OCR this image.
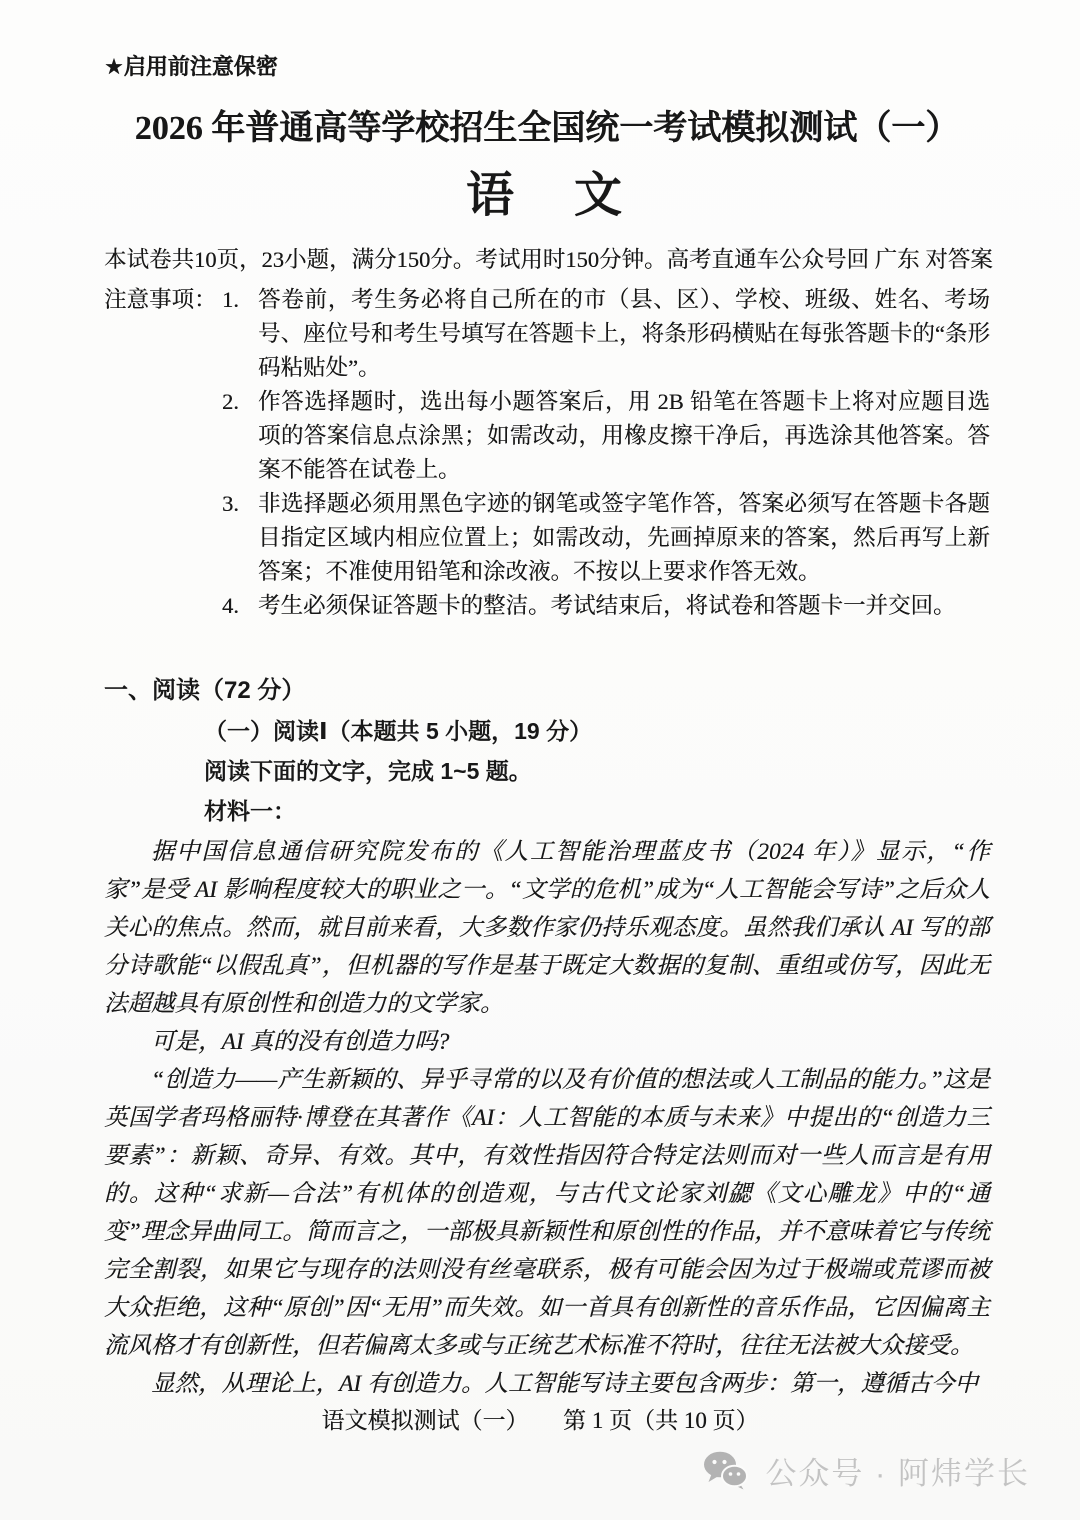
★启用前注意保密
2026 年普通高等学校招生全国统一考试模拟测试（一）
语　文
本试卷共10页，23小题，满分150分。考试用时150分钟。高考直通车公众号回 广东 对答案
注意事项： 1. 答卷前，考生务必将自己所在的市（县、区）、学校、班级、姓名、考场号、座位号和考生号填写在答题卡上，将条形码横贴在每张答题卡的“条形码粘贴处”。
2. 作答选择题时，选出每小题答案后，用 2B 铅笔在答题卡上将对应题目选项的答案信息点涂黑；如需改动，用橡皮擦干净后，再选涂其他答案。答案不能答在试卷上。
3. 非选择题必须用黑色字迹的钢笔或签字笔作答，答案必须写在答题卡各题目指定区域内相应位置上；如需改动，先画掉原来的答案，然后再写上新答案；不准使用铅笔和涂改液。不按以上要求作答无效。
4. 考生必须保证答题卡的整洁。考试结束后，将试卷和答题卡一并交回。
一、阅读（72 分）
（一）阅读Ⅰ（本题共 5 小题，19 分）
阅读下面的文字，完成 1~5 题。
材料一：

据中国信息通信研究院发布的《人工智能治理蓝皮书（2024 年）》显示，“作家”是受 AI 影响程度较大的职业之一。“文学的危机”成为“人工智能会写诗”之后众人关心的焦点。然而，就目前来看，大多数作家仍持乐观态度。虽然我们承认 AI 写的部分诗歌能“以假乱真”，但机器的写作是基于既定大数据的复制、重组或仿写，因此无法超越具有原创性和创造力的文学家。

可是，AI 真的没有创造力吗?

“创造力——产生新颖的、异乎寻常的以及有价值的想法或人工制品的能力。”这是英国学者玛格丽特·博登在其著作《AI：人工智能的本质与未来》中提出的“创造力三要素”：新颖、奇异、有效。其中，有效性指因符合特定法则而对一些人而言是有用的。这种“求新—合法”有机体的创造观，与古代文论家刘勰《文心雕龙》中的“通变”理念异曲同工。简而言之，一部极具新颖性和原创性的作品，并不意味着它与传统完全割裂，如果它与现存的法则没有丝毫联系，极有可能会因为过于极端或荒谬而被大众拒绝，这种“原创”因“无用”而失效。如一首具有创新性的音乐作品，它因偏离主流风格才有创新性，但若偏离太多或与正统艺术标准不符时，往往无法被大众接受。

显然，从理论上，AI 有创造力。人工智能写诗主要包含两步：第一，遵循古今中

语文模拟测试（一）　　第 1 页（共 10 页）
公众号 · 阿炜学长
